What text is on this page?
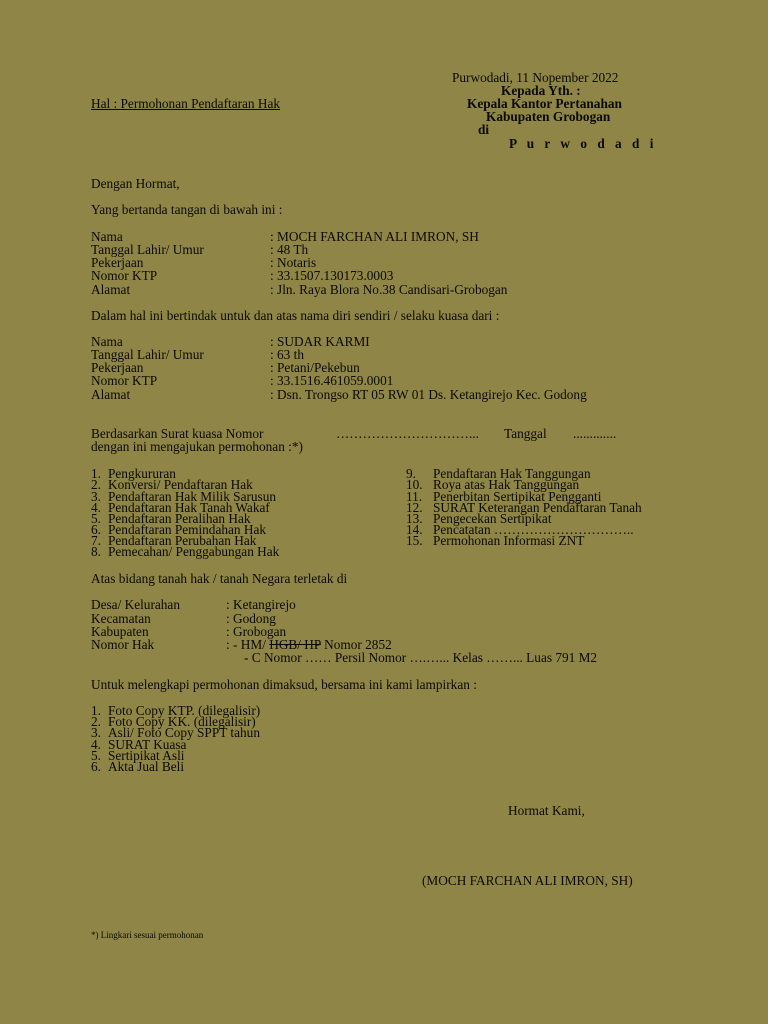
Purwodadi, 11 Nopember 2022
Kepada Yth. :
Kepala Kantor Pertanahan
Kabupaten Grobogan
di
P u r w o d a d i
Hal : Permohonan Pendaftaran Hak
Dengan Hormat,
Yang bertanda tangan di bawah ini :
Nama	: MOCH FARCHAN ALI IMRON, SH
Tanggal Lahir/ Umur	: 48 Th
Pekerjaan	: Notaris
Nomor KTP	: 33.1507.130173.0003
Alamat	: Jln. Raya Blora No.38 Candisari-Grobogan
Dalam hal ini bertindak untuk dan atas nama diri sendiri / selaku kuasa dari :
Nama	: SUDAR KARMI
Tanggal Lahir/ Umur	: 63 th
Pekerjaan	: Petani/Pekebun
Nomor KTP	: 33.1516.461059.0001
Alamat	: Dsn. Trongso RT 05 RW 01 Ds. Ketangirejo Kec. Godong
Berdasarkan Surat kuasa Nomor	…………………………... Tanggal .............
dengan ini mengajukan permohonan :*)
1. Pengkururan
2. Konversi/ Pendaftaran Hak
3. Pendaftaran Hak Milik Sarusun
4. Pendaftaran Hak Tanah Wakaf
5. Pendaftaran Peralihan Hak
6. Pendaftaran Pemindahan Hak
7. Pendaftaran Perubahan Hak
8. Pemecahan/ Penggabungan Hak
9. Pendaftaran Hak Tanggungan
10. Roya atas Hak Tanggungan
11. Penerbitan Sertipikat Pengganti
12. SURAT Keterangan Pendaftaran Tanah
13. Pengecekan Sertipikat
14. Pencatatan …………………………..
15. Permohonan Informasi ZNT
Atas bidang tanah hak / tanah Negara terletak di
Desa/ Kelurahan	: Ketangirejo
Kecamatan	: Godong
Kabupaten	: Grobogan
Nomor Hak	: - HM/ HGB/ HP Nomor 2852
- C Nomor …… Persil Nomor ….…... Kelas ……... Luas 791 M2
Untuk melengkapi permohonan dimaksud, bersama ini kami lampirkan :
1. Foto Copy KTP. (dilegalisir)
2. Foto Copy KK. (dilegalisir)
3. Asli/ Foto Copy SPPT tahun
4. SURAT Kuasa
5. Sertipikat Asli
6. Akta Jual Beli
Hormat Kami,
(MOCH FARCHAN ALI IMRON, SH)
*) Lingkari sesuai permohonan
